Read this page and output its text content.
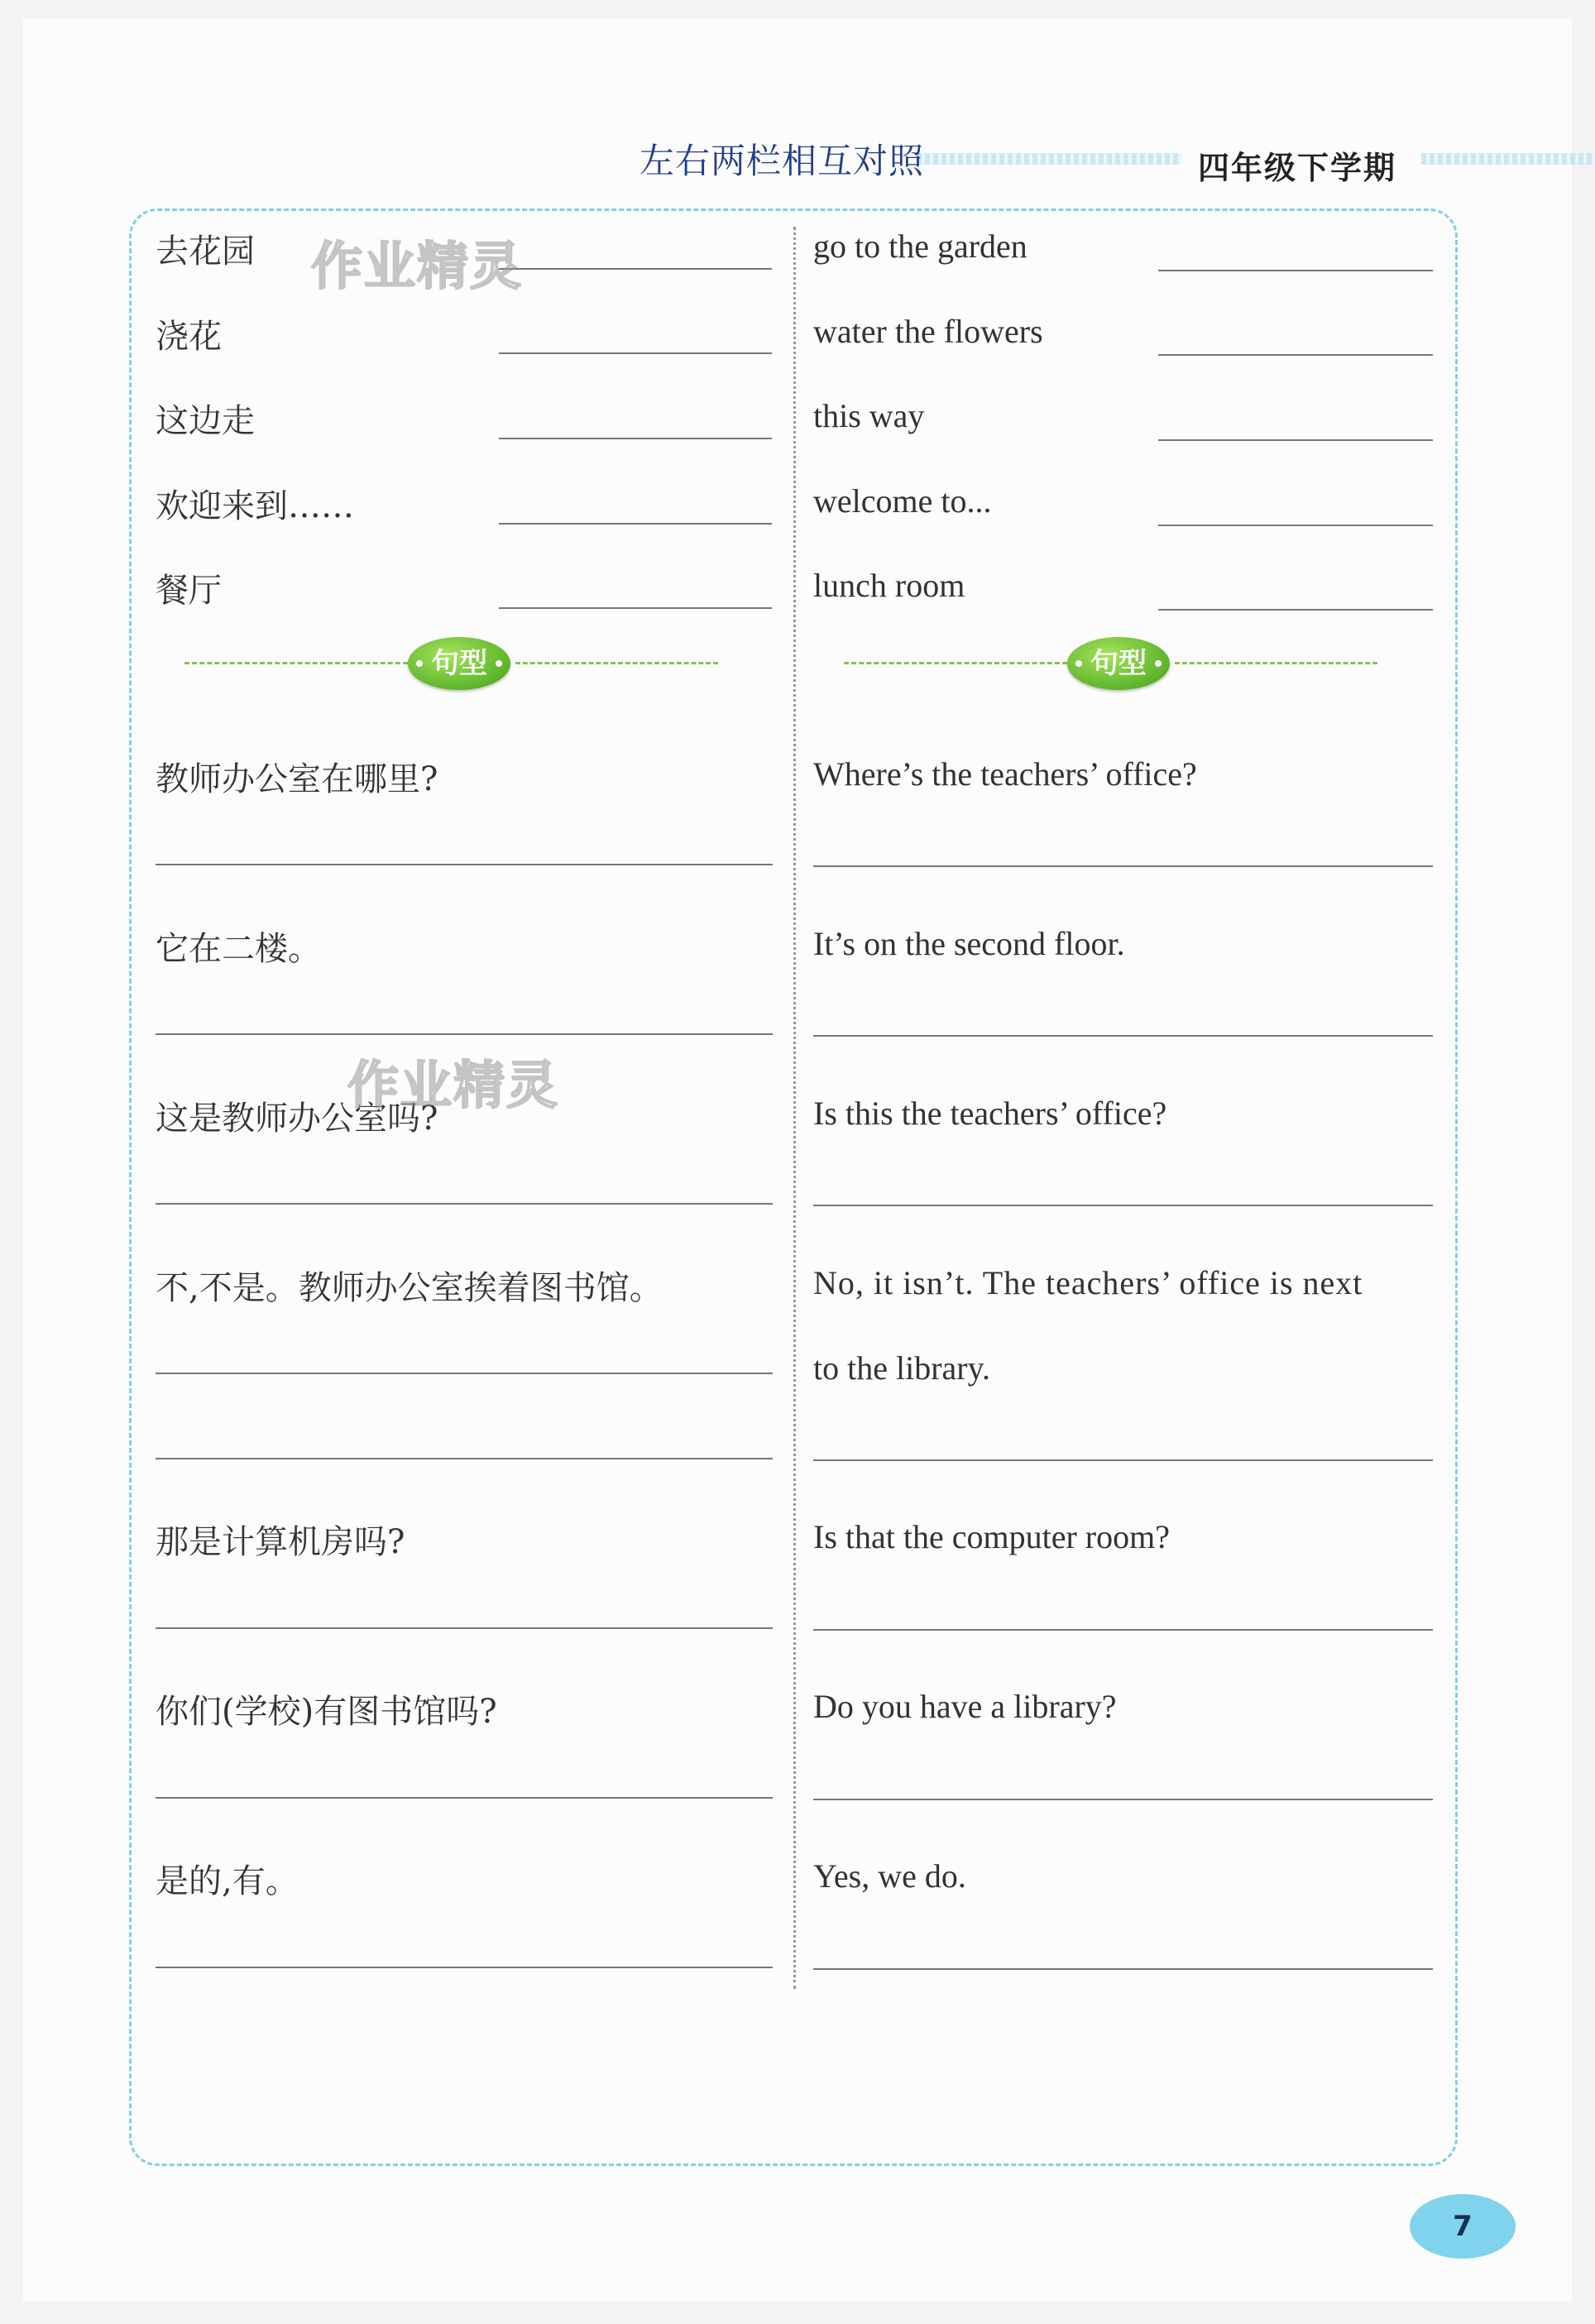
左右两栏相互对照	四年级下学期
去花园
浇花
这边走
欢迎来到……
餐厅
go to the garden
water the flowers
this way
welcome to...
lunch room
句型	句型
教师办公室在哪里?
它在二楼。
这是教师办公室吗?
不,不是。教师办公室挨着图书馆。
那是计算机房吗?
你们(学校)有图书馆吗?
是的,有。
Where’s the teachers’ office?
It’s on the second floor.
Is this the teachers’ office?
No, it isn’t. The teachers’ office is next
to the library.
Is that the computer room?
Do you have a library?
Yes, we do.
作业精灵
作业精灵
7
